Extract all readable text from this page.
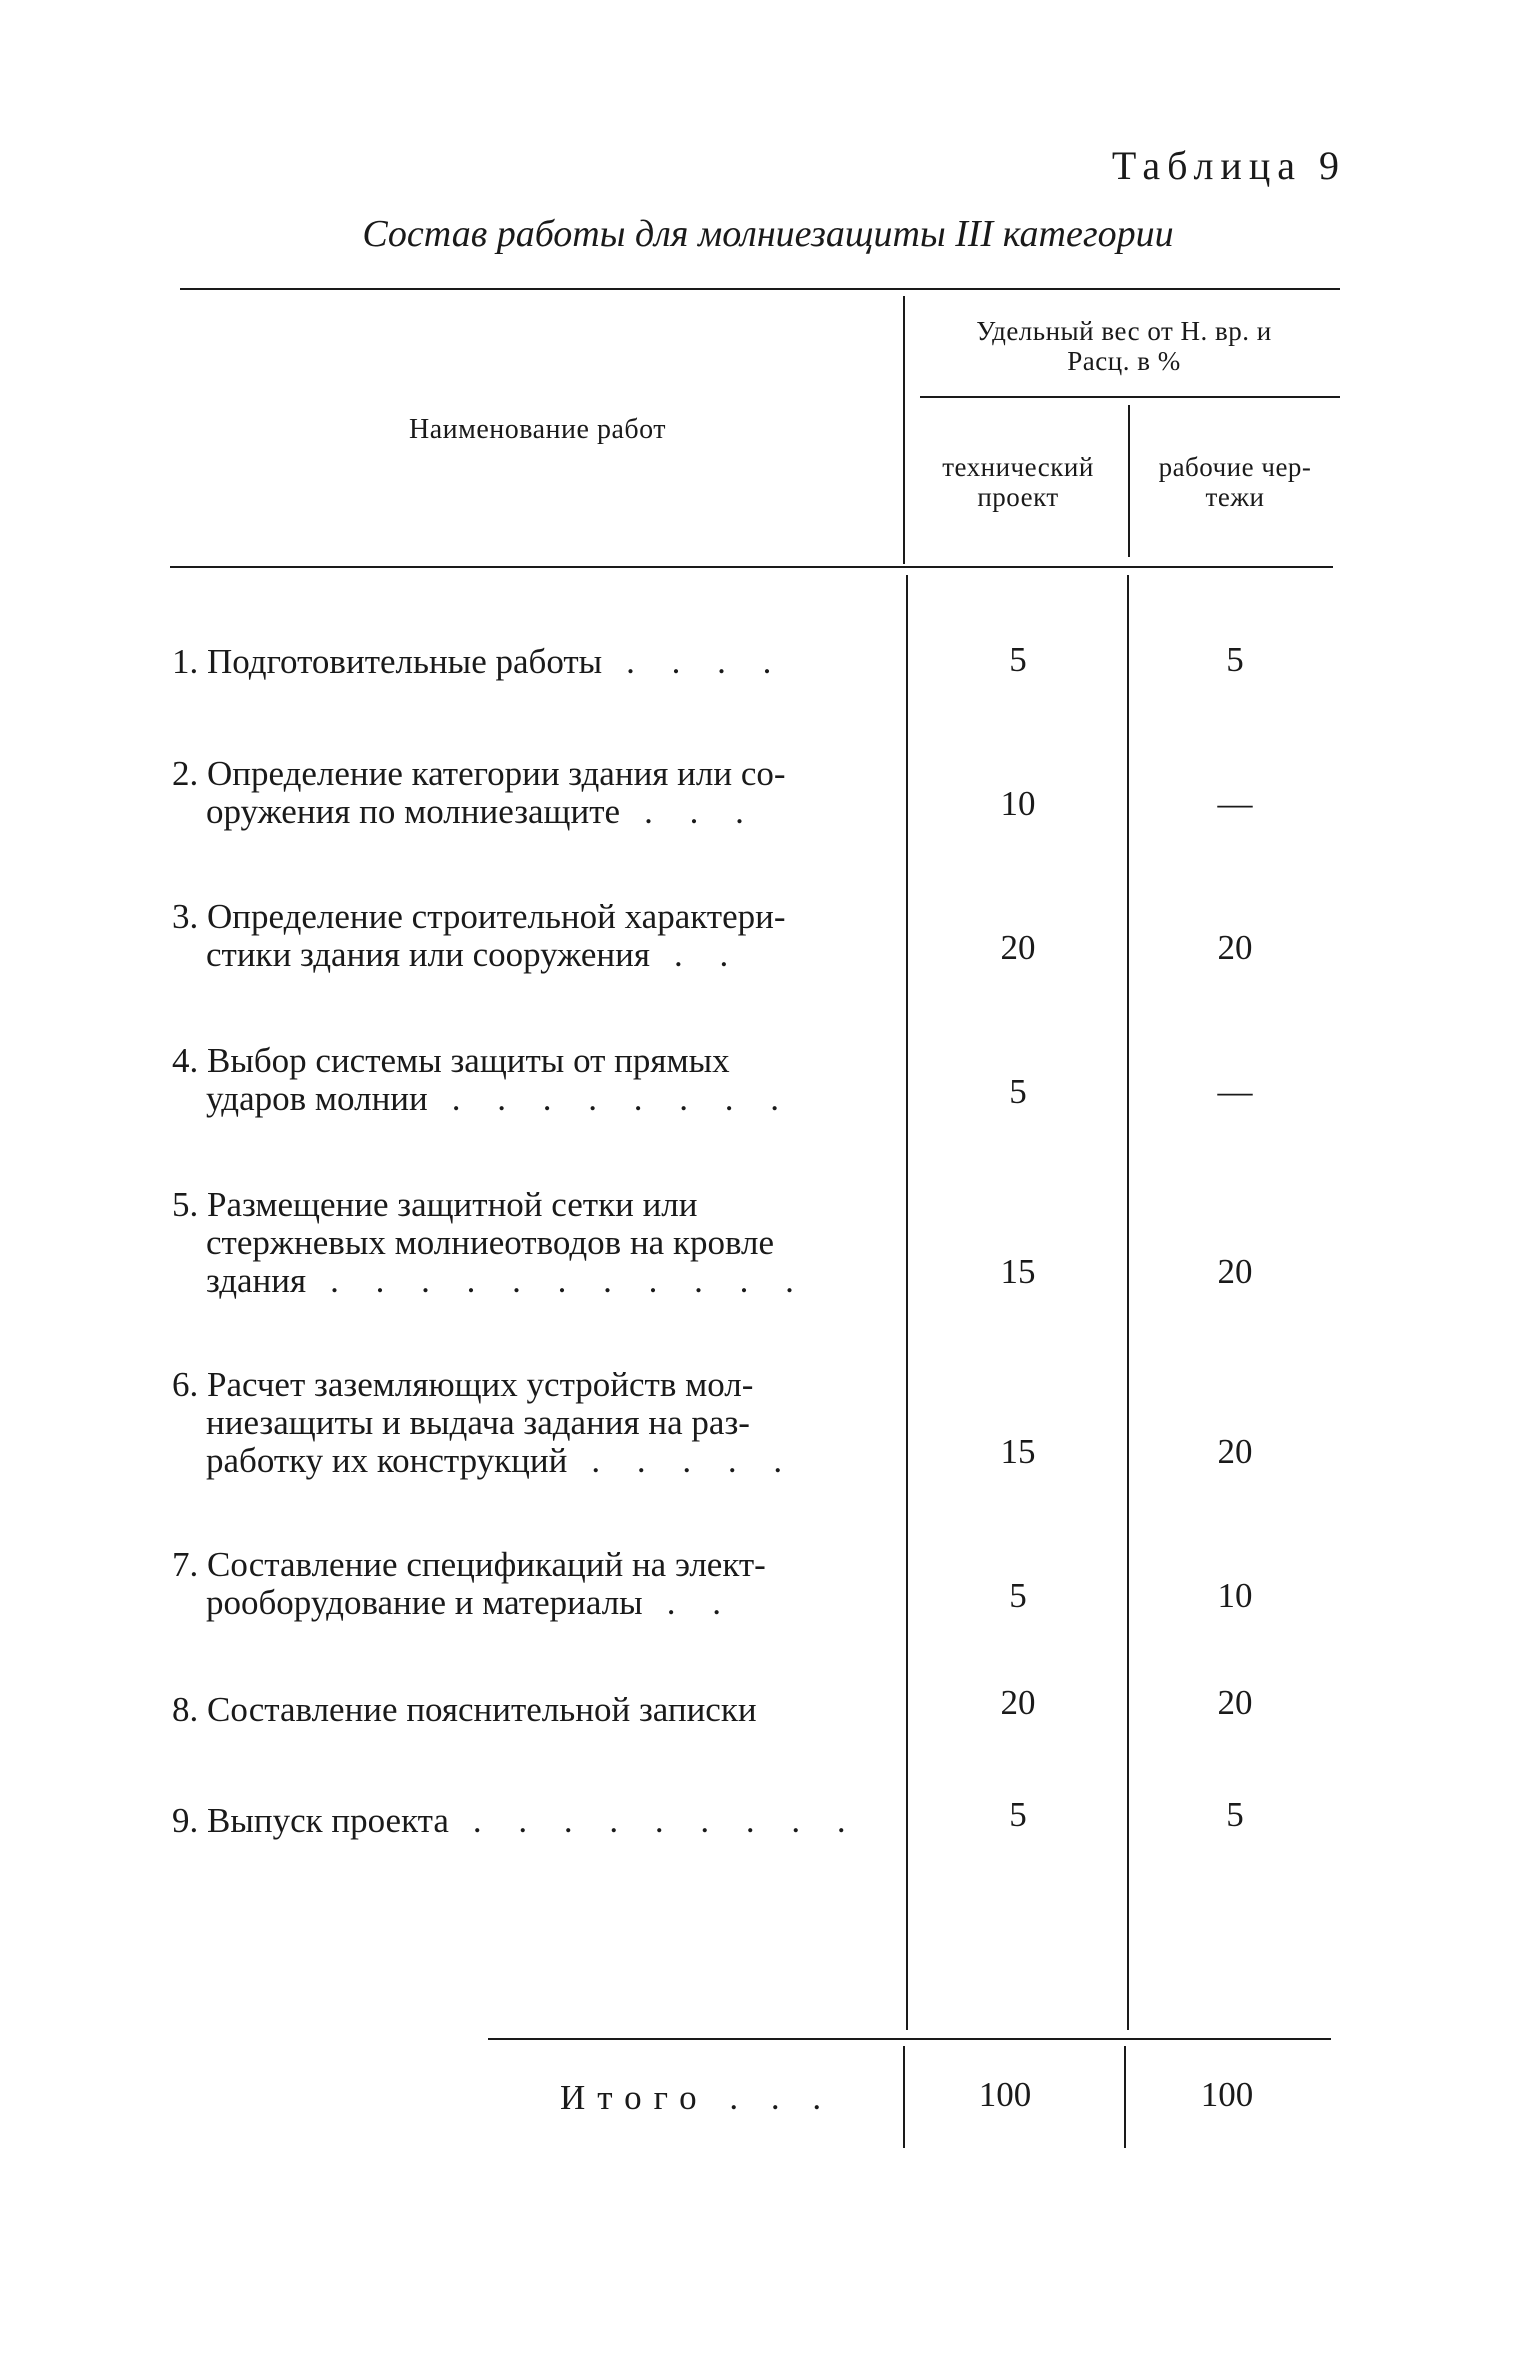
Таблица 9
Состав работы для молниезащиты III категории
Наименование работ
Удельный вес от Н. вр. и
Расц. в %
технический
проект
рабочие чер-
тежи
1. Подготовительные работы . . . .	5	5
2. Определение категории здания или со-
оружения по молниезащите . . .	10	—
3. Определение строительной характери-
стики здания или сооружения . .	20	20
4. Выбор системы защиты от прямых
ударов молнии . . . . . . . .	5	—
5. Размещение защитной сетки или
стержневых молниеотводов на кровле
здания . . . . . . . . . . .	15	20
6. Расчет заземляющих устройств мол-
ниезащиты и выдача задания на раз-
работку их конструкций . . . . .	15	20
7. Составление спецификаций на элект-
рооборудование и материалы . .	5	10
8. Составление пояснительной записки	20	20
9. Выпуск проекта . . . . . . . . .	5	5
Итого . . .	100	100
